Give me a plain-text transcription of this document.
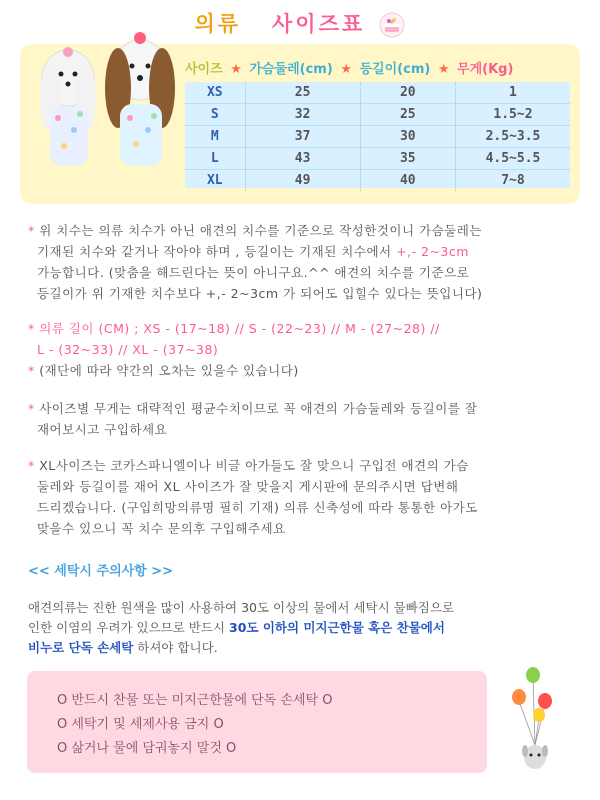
의류 사이즈표
사이즈 ★ 가슴둘레(cm) ★ 등길이(cm) ★ 무게(Kg)
XS	25	20	1
S	32	25	1.5~2
M	37	30	2.5~3.5
L	43	35	4.5~5.5
XL	49	40	7~8
* 위 치수는 의류 치수가 아닌 애견의 치수를 기준으로 작성한것이니 가슴둘레는
기재된 치수와 같거나 작아야 하며 , 등길이는 기재된 치수에서 +,- 2~3cm
가능합니다. (맞춤을 해드린다는 뜻이 아니구요.^^ 애견의 치수를 기준으로
등길이가 위 기재한 치수보다 +,- 2~3cm 가 되어도 입힐수 있다는 뜻입니다)
* 의류 길이 (CM) ; XS - (17~18) // S - (22~23) // M - (27~28) //
L - (32~33) // XL - (37~38)
* (재단에 따라 약간의 오차는 있을수 있습니다)
* 사이즈별 무게는 대략적인 평균수치이므로 꼭 애견의 가슴둘레와 등길이를 잘
재어보시고 구입하세요
* XL사이즈는 코카스파니엘이나 비글 아가들도 잘 맞으니 구입전 애견의 가슴
둘레와 등길이를 재어 XL 사이즈가 잘 맞을지 게시판에 문의주시면 답변해
드리겠습니다. (구입희망의류명 필히 기재) 의류 신축성에 따라 통통한 아가도
맞을수 있으니 꼭 치수 문의후 구입해주세요
<< 세탁시 주의사항 >>
애견의류는 진한 원색을 많이 사용하여 30도 이상의 물에서 세탁시 물빠짐으로
인한 이염의 우려가 있으므로 반드시 30도 이하의 미지근한물 혹은 찬물에서
비누로 단독 손세탁 하셔야 합니다.

O 반드시 찬물 또는 미지근한물에 단독 손세탁 O

O 세탁기 및 세제사용 금지 O

O 삶거나 물에 담궈놓지 말것 O
